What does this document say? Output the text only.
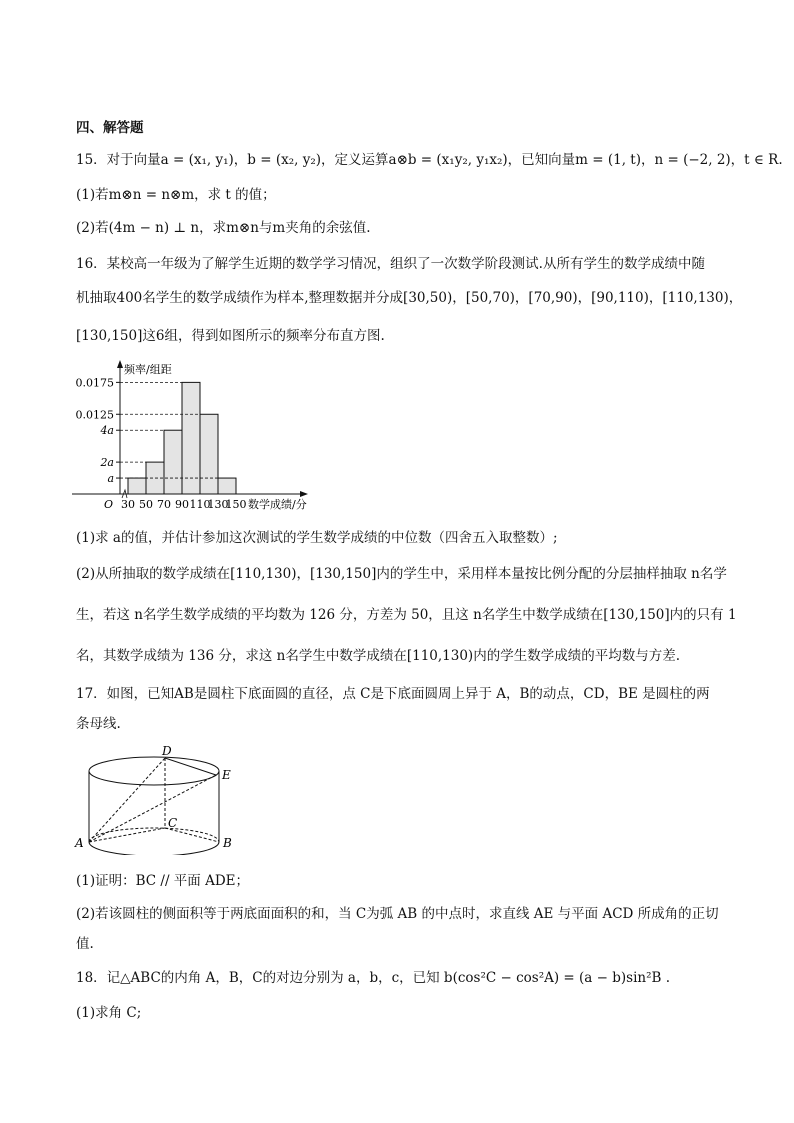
四、解答题
15．对于向量a = (x₁, y₁)，b = (x₂, y₂)，定义运算a⊗b = (x₁y₂, y₁x₂)，已知向量m = (1, t)，n = (−2, 2)，t ∈ R.
(1)若m⊗n = n⊗m，求 t 的值；
(2)若(4m − n) ⊥ n，求m⊗n与m夹角的余弦值.
16．某校高一年级为了解学生近期的数学学习情况，组织了一次数学阶段测试.从所有学生的数学成绩中随
机抽取400名学生的数学成绩作为样本,整理数据并分成[30,50)，[50,70)，[70,90)，[90,110)，[110,130)，
[130,150]这6组，得到如图所示的频率分布直方图.
a
2a
4a
0.0125
0.0175
30 50 70 90 110
130
150
频率/组距
数学成绩/分
O
(1)求 a的值，并估计参加这次测试的学生数学成绩的中位数（四舍五入取整数）;
(2)从所抽取的数学成绩在[110,130)，[130,150]内的学生中，采用样本量按比例分配的分层抽样抽取 n名学
生，若这 n名学生数学成绩的平均数为 126 分，方差为 50，且这 n名学生中数学成绩在[130,150]内的只有 1
名，其数学成绩为 136 分，求这 n名学生中数学成绩在[110,130)内的学生数学成绩的平均数与方差.
17．如图，已知AB是圆柱下底面圆的直径，点 C是下底面圆周上异于 A，B的动点，CD，BE 是圆柱的两
条母线.
A	B
C
D
E
(1)证明：BC // 平面 ADE；
(2)若该圆柱的侧面积等于两底面面积的和，当 C为弧 AB 的中点时，求直线 AE 与平面 ACD 所成角的正切
值.
18．记△ABC的内角 A，B，C的对边分别为 a，b，c，已知 b(cos²C − cos²A) = (a − b)sin²B .
(1)求角 C;
